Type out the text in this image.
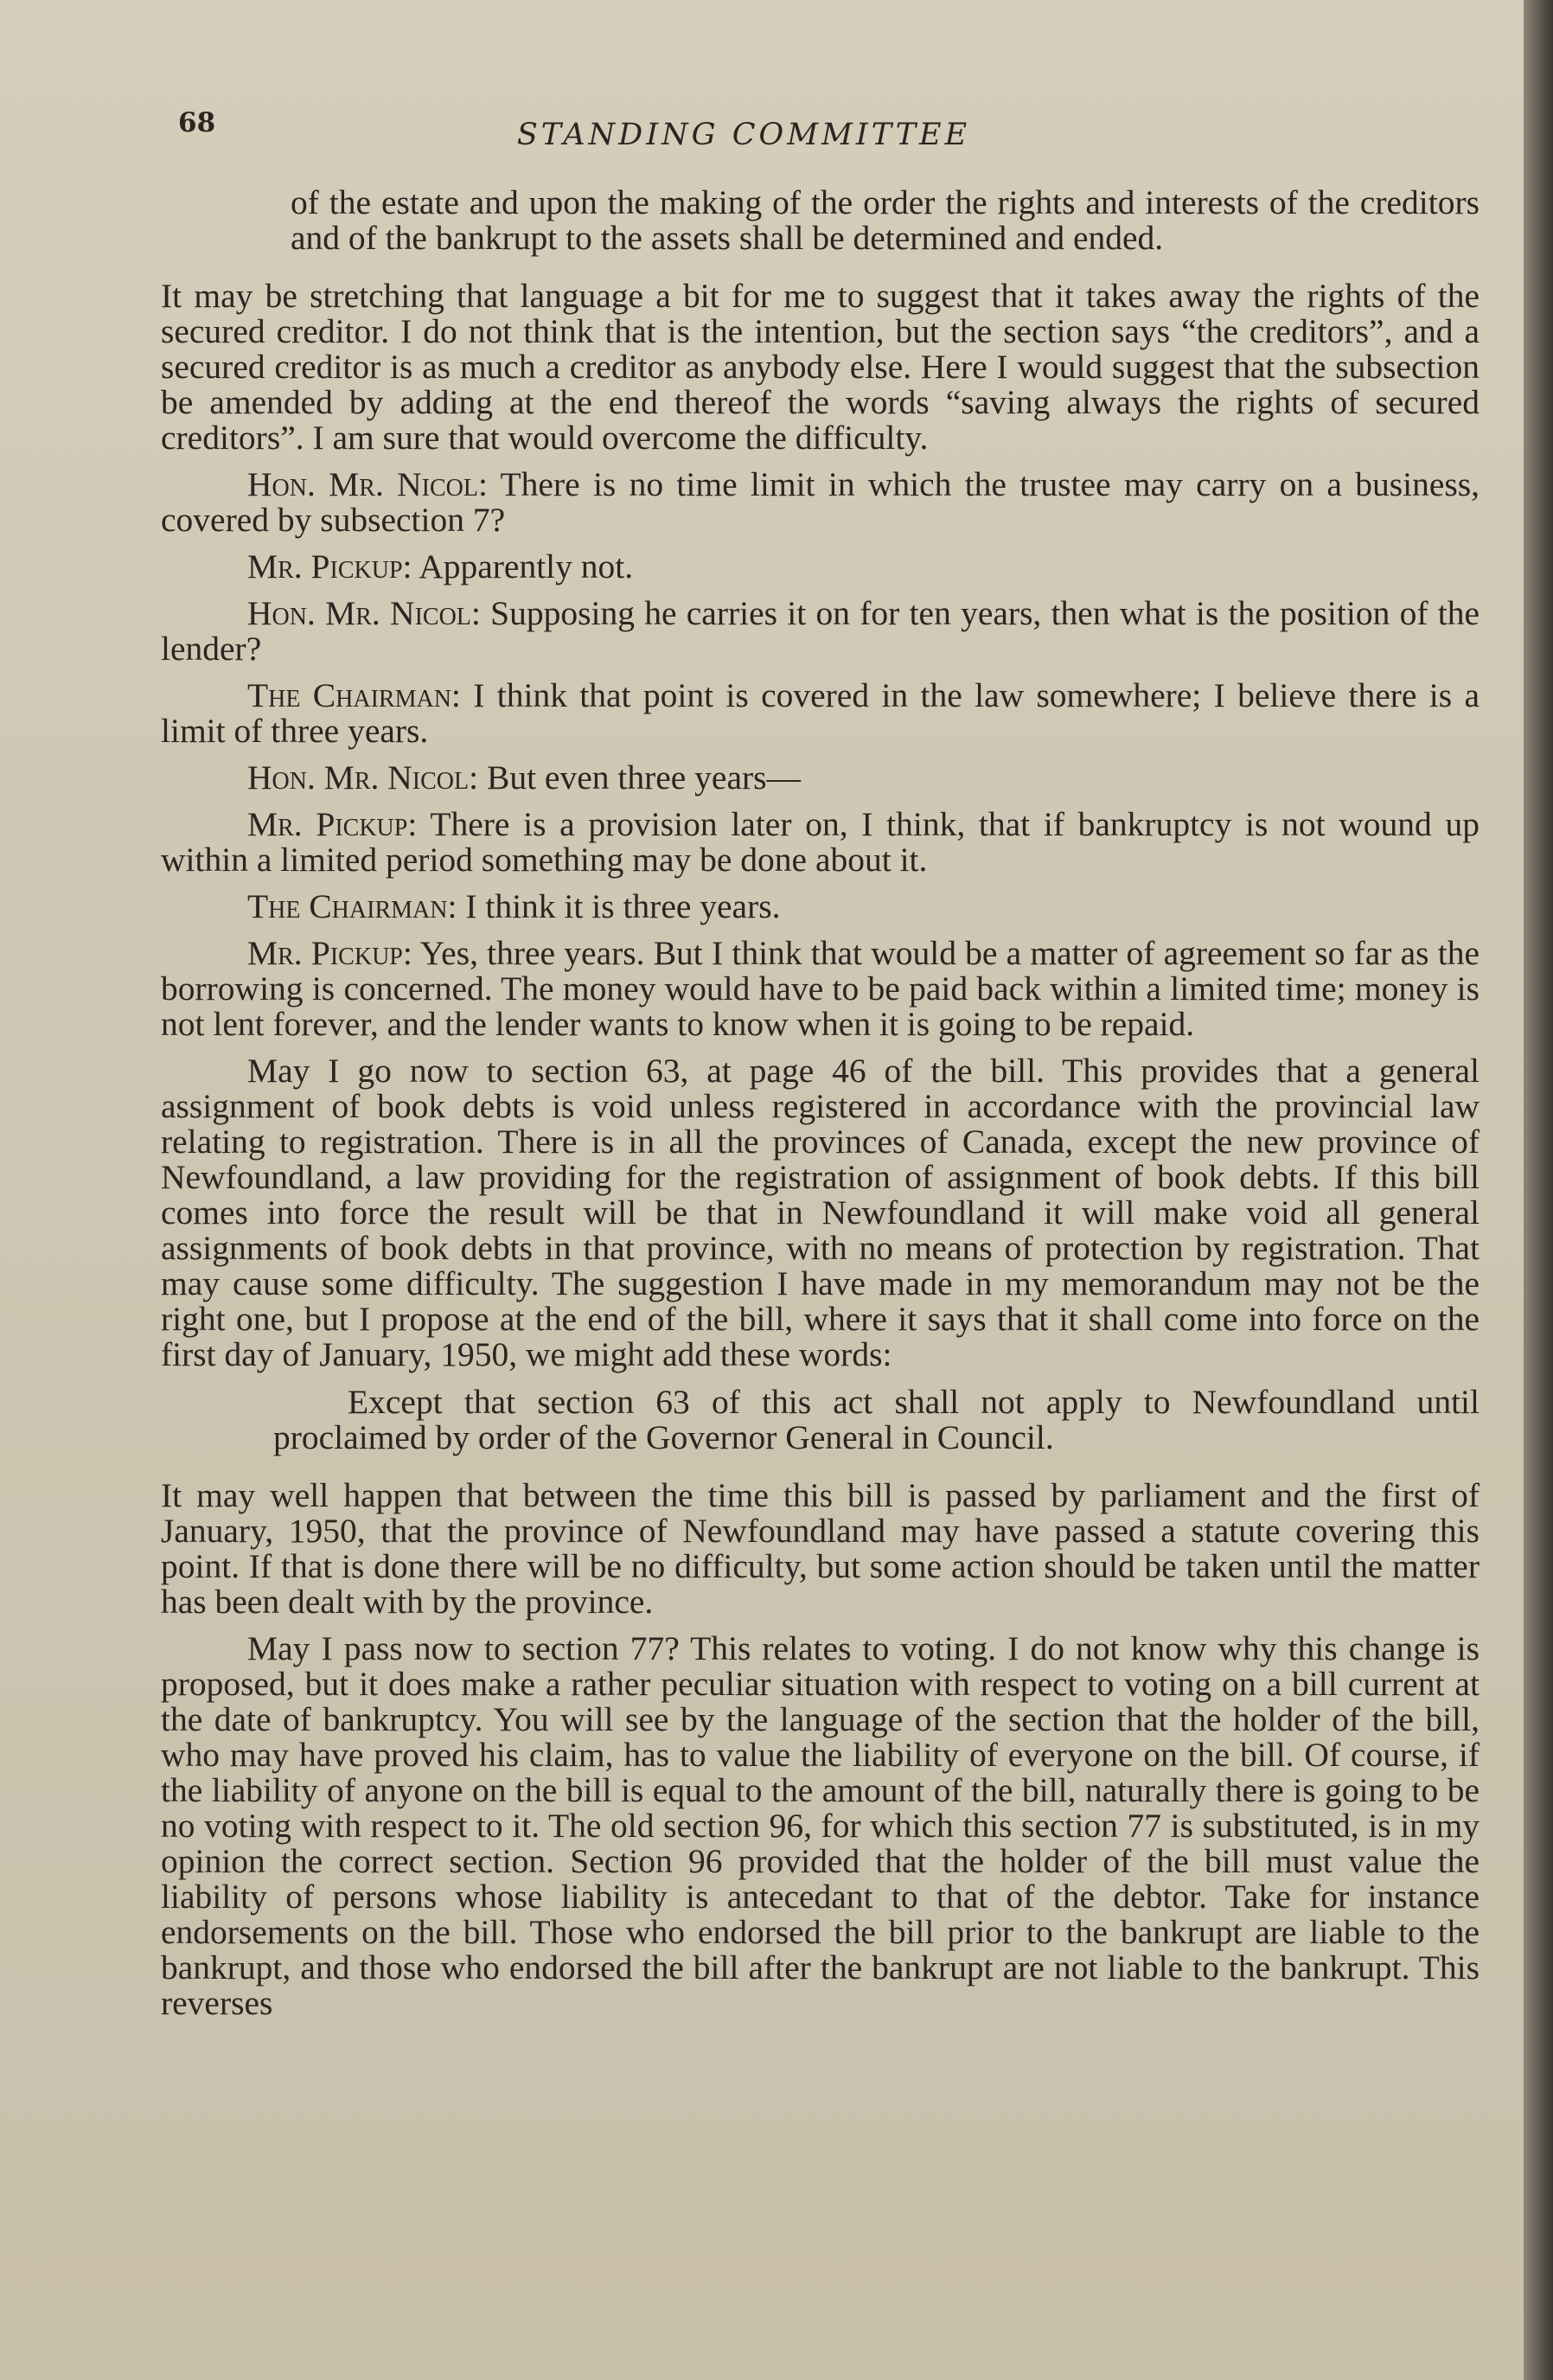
68	STANDING COMMITTEE

of the estate and upon the making of the order the rights and interests of the creditors and of the bankrupt to the assets shall be determined and ended.

It may be stretching that language a bit for me to suggest that it takes away the rights of the secured creditor. I do not think that is the intention, but the section says “the creditors”, and a secured creditor is as much a creditor as anybody else. Here I would suggest that the subsection be amended by adding at the end thereof the words “saving always the rights of secured creditors”. I am sure that would overcome the difficulty.

Hon. Mr. Nicol: There is no time limit in which the trustee may carry on a business, covered by subsection 7?

Mr. Pickup: Apparently not.

Hon. Mr. Nicol: Supposing he carries it on for ten years, then what is the position of the lender?

The Chairman: I think that point is covered in the law somewhere; I believe there is a limit of three years.

Hon. Mr. Nicol: But even three years—

Mr. Pickup: There is a provision later on, I think, that if bankruptcy is not wound up within a limited period something may be done about it.

The Chairman: I think it is three years.

Mr. Pickup: Yes, three years. But I think that would be a matter of agreement so far as the borrowing is concerned. The money would have to be paid back within a limited time; money is not lent forever, and the lender wants to know when it is going to be repaid.

May I go now to section 63, at page 46 of the bill. This provides that a general assignment of book debts is void unless registered in accordance with the provincial law relating to registration. There is in all the provinces of Canada, except the new province of Newfoundland, a law providing for the registration of assignment of book debts. If this bill comes into force the result will be that in Newfoundland it will make void all general assignments of book debts in that province, with no means of protection by registration. That may cause some difficulty. The suggestion I have made in my memorandum may not be the right one, but I propose at the end of the bill, where it says that it shall come into force on the first day of January, 1950, we might add these words:

Except that section 63 of this act shall not apply to Newfoundland until proclaimed by order of the Governor General in Council.

It may well happen that between the time this bill is passed by parliament and the first of January, 1950, that the province of Newfoundland may have passed a statute covering this point. If that is done there will be no difficulty, but some action should be taken until the matter has been dealt with by the province.

May I pass now to section 77? This relates to voting. I do not know why this change is proposed, but it does make a rather peculiar situation with respect to voting on a bill current at the date of bankruptcy. You will see by the language of the section that the holder of the bill, who may have proved his claim, has to value the liability of everyone on the bill. Of course, if the liability of anyone on the bill is equal to the amount of the bill, naturally there is going to be no voting with respect to it. The old section 96, for which this section 77 is substituted, is in my opinion the correct section. Section 96 provided that the holder of the bill must value the liability of persons whose liability is antecedant to that of the debtor. Take for instance endorsements on the bill. Those who endorsed the bill prior to the bankrupt are liable to the bankrupt, and those who endorsed the bill after the bankrupt are not liable to the bankrupt. This reverses
